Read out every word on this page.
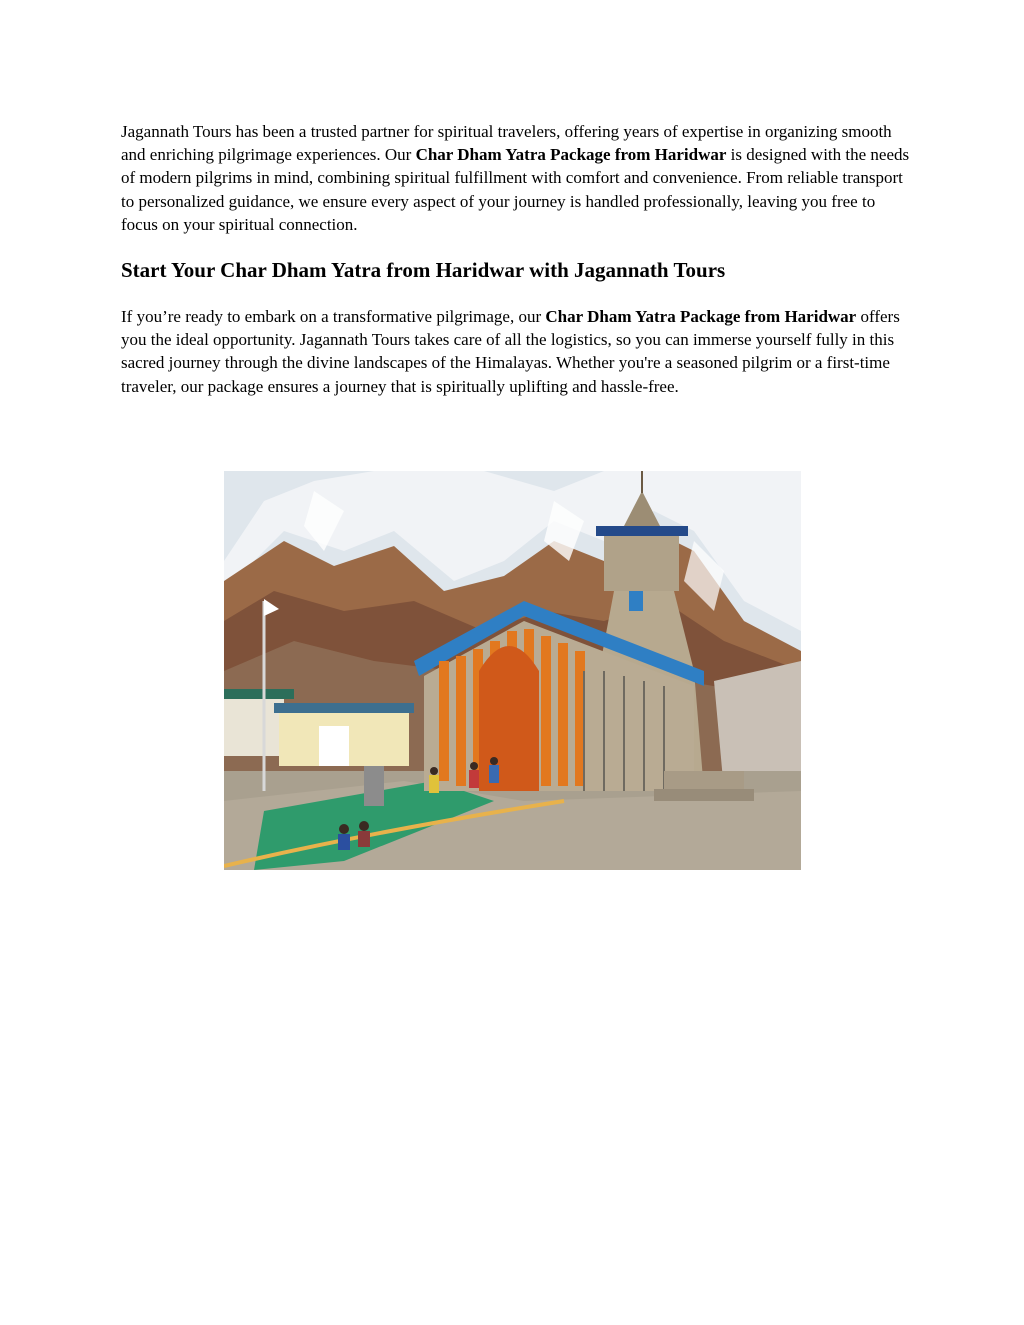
Jagannath Tours has been a trusted partner for spiritual travelers, offering years of expertise in organizing smooth and enriching pilgrimage experiences. Our Char Dham Yatra Package from Haridwar is designed with the needs of modern pilgrims in mind, combining spiritual fulfillment with comfort and convenience. From reliable transport to personalized guidance, we ensure every aspect of your journey is handled professionally, leaving you free to focus on your spiritual connection.

Start Your Char Dham Yatra from Haridwar with Jagannath Tours

If you’re ready to embark on a transformative pilgrimage, our Char Dham Yatra Package from Haridwar offers you the ideal opportunity. Jagannath Tours takes care of all the logistics, so you can immerse yourself fully in this sacred journey through the divine landscapes of the Himalayas. Whether you're a seasoned pilgrim or a first-time traveler, our package ensures a journey that is spiritually uplifting and hassle-free.
